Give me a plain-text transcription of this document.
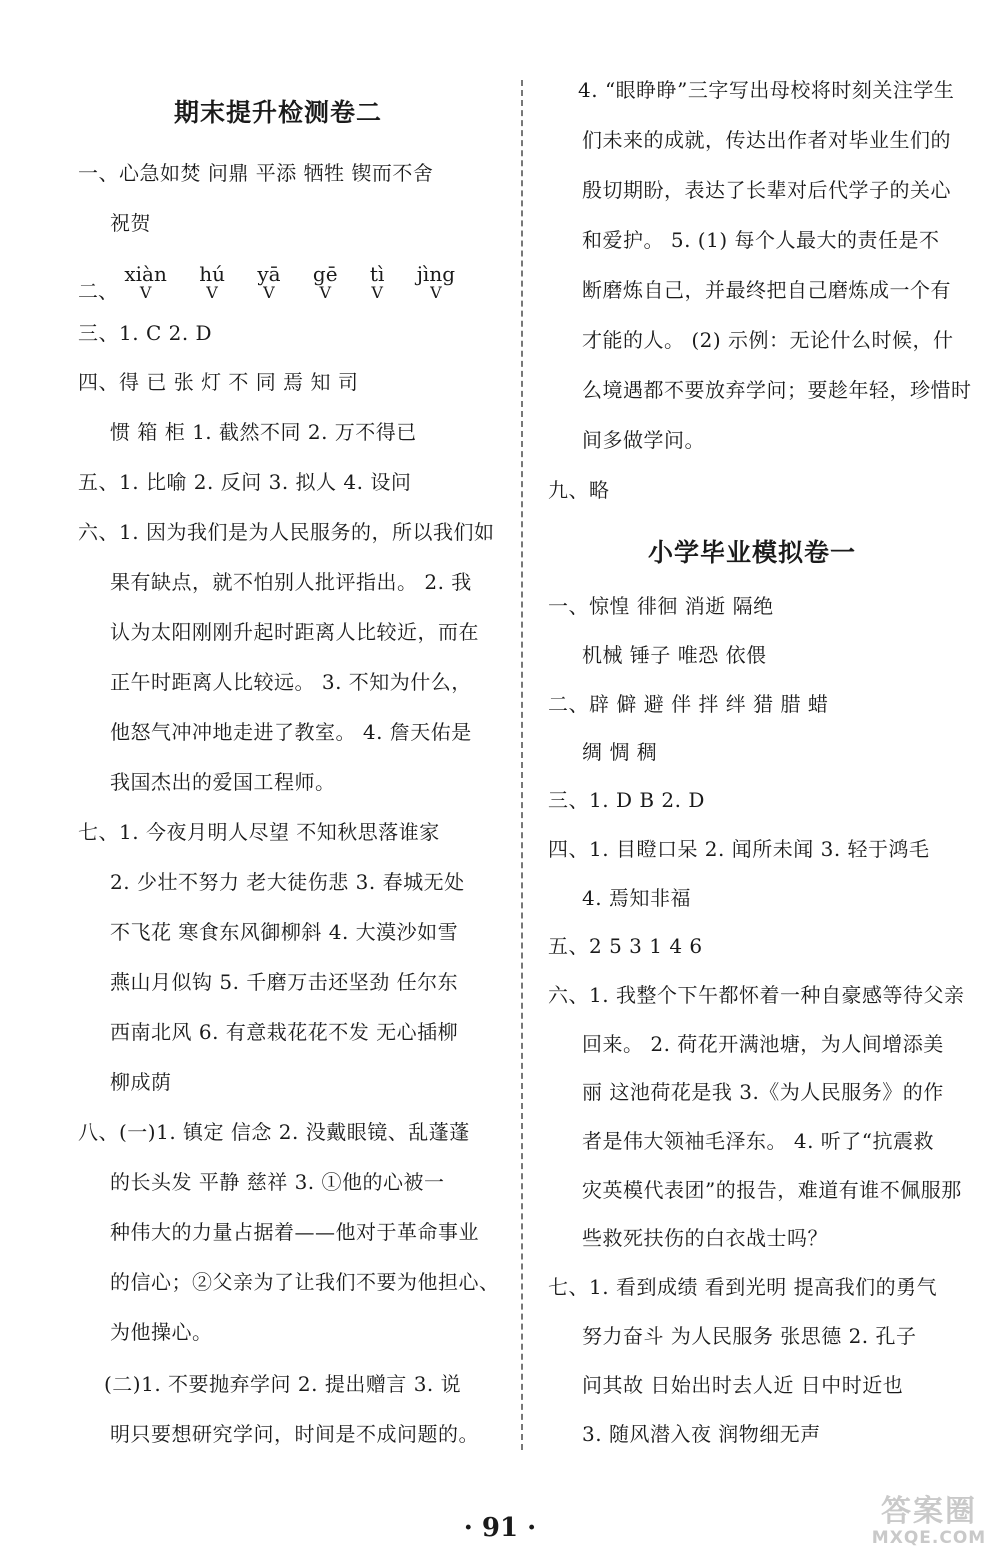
期末提升检测卷二
一、心急如焚 问鼎 平添 牺牲 锲而不舍
祝贺
二、 xiàn
V
hú
V
yā
V
gē
V
tì
V
jìng
V
三、1. C 2. D
四、得 已 张 灯 不 同 焉 知 司
惯 箱 柜 1. 截然不同 2. 万不得已
五、1. 比喻 2. 反问 3. 拟人 4. 设问
六、1. 因为我们是为人民服务的，所以我们如
果有缺点，就不怕别人批评指出。 2. 我
认为太阳刚刚升起时距离人比较近，而在
正午时距离人比较远。 3. 不知为什么，
他怒气冲冲地走进了教室。 4. 詹天佑是
我国杰出的爱国工程师。
七、1. 今夜月明人尽望 不知秋思落谁家
2. 少壮不努力 老大徒伤悲 3. 春城无处
不飞花 寒食东风御柳斜 4. 大漠沙如雪
燕山月似钩 5. 千磨万击还坚劲 任尔东
西南北风 6. 有意栽花花不发 无心插柳
柳成荫
八、(一)1. 镇定 信念 2. 没戴眼镜、乱蓬蓬
的长头发 平静 慈祥 3. ①他的心被一
种伟大的力量占据着——他对于革命事业
的信心；②父亲为了让我们不要为他担心、
为他操心。
(二)1. 不要抛弃学问 2. 提出赠言 3. 说
明只要想研究学问，时间是不成问题的。
4. “眼睁睁”三字写出母校将时刻关注学生
们未来的成就，传达出作者对毕业生们的
殷切期盼，表达了长辈对后代学子的关心
和爱护。 5. (1) 每个人最大的责任是不
断磨炼自己，并最终把自己磨炼成一个有
才能的人。 (2) 示例：无论什么时候，什
么境遇都不要放弃学问；要趁年轻，珍惜时
间多做学问。
九、略
小学毕业模拟卷一
一、惊惶 徘徊 消逝 隔绝
机械 锤子 唯恐 依偎
二、辟 僻 避 伴 拌 绊 猎 腊 蜡
绸 惆 稠
三、1. D B 2. D
四、1. 目瞪口呆 2. 闻所未闻 3. 轻于鸿毛
4. 焉知非福
五、2 5 3 1 4 6
六、1. 我整个下午都怀着一种自豪感等待父亲
回来。 2. 荷花开满池塘，为人间增添美
丽 这池荷花是我 3.《为人民服务》的作
者是伟大领袖毛泽东。 4. 听了“抗震救
灾英模代表团”的报告，难道有谁不佩服那
些救死扶伤的白衣战士吗？
七、1. 看到成绩 看到光明 提高我们的勇气
努力奋斗 为人民服务 张思德 2. 孔子
问其故 日始出时去人近 日中时近也
3. 随风潜入夜 润物细无声
· 91 ·	答案圈
MXQE.COM
